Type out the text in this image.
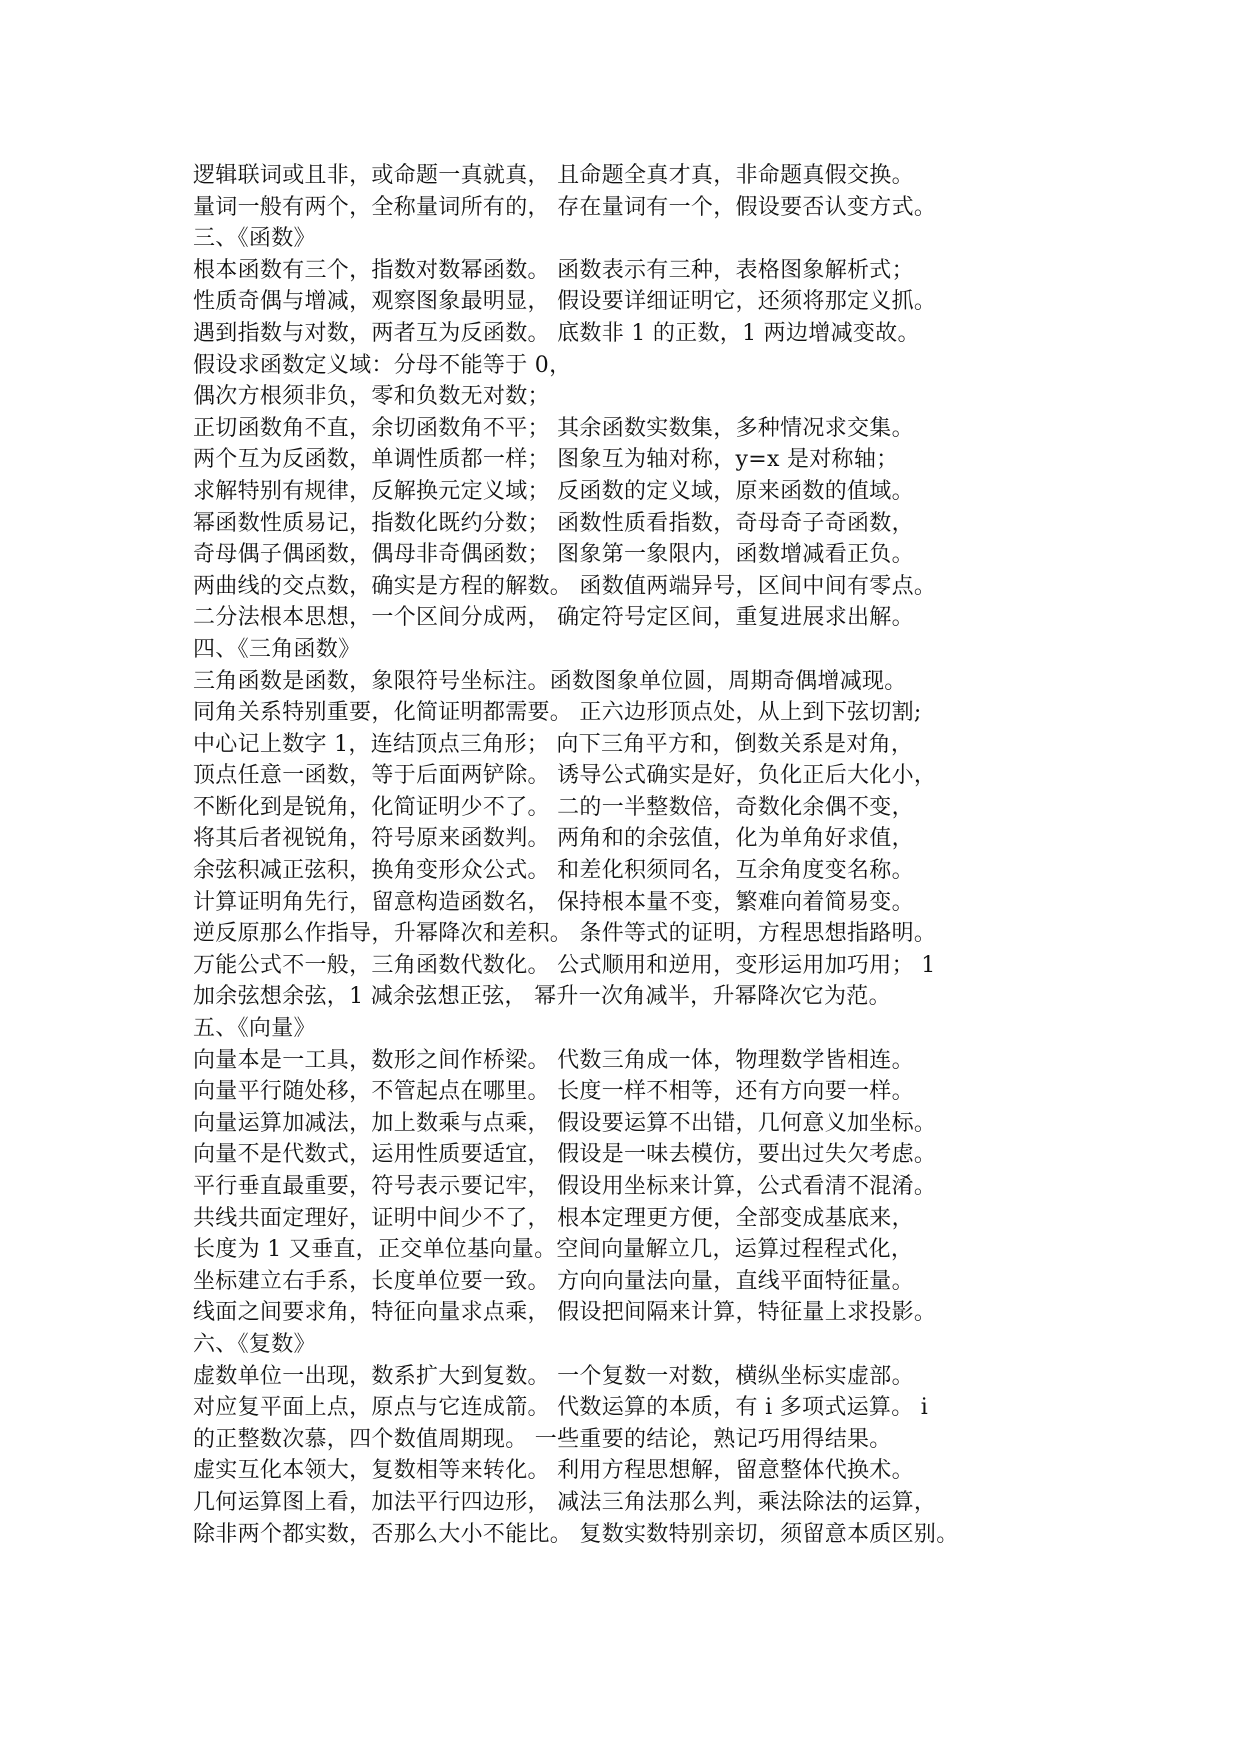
逻辑联词或且非，或命题一真就真， 且命题全真才真，非命题真假交换。
量词一般有两个，全称量词所有的， 存在量词有一个，假设要否认变方式。
三、《函数》
根本函数有三个，指数对数幂函数。 函数表示有三种，表格图象解析式；
性质奇偶与增减，观察图象最明显， 假设要详细证明它，还须将那定义抓。
遇到指数与对数，两者互为反函数。 底数非 1 的正数，1 两边增减变故。
假设求函数定义域：分母不能等于 0，
偶次方根须非负，零和负数无对数；
正切函数角不直，余切函数角不平； 其余函数实数集，多种情况求交集。
两个互为反函数，单调性质都一样； 图象互为轴对称，y=x 是对称轴；
求解特别有规律，反解换元定义域； 反函数的定义域，原来函数的值域。
幂函数性质易记，指数化既约分数； 函数性质看指数，奇母奇子奇函数，
奇母偶子偶函数，偶母非奇偶函数； 图象第一象限内，函数增减看正负。
两曲线的交点数，确实是方程的解数。 函数值两端异号，区间中间有零点。
二分法根本思想，一个区间分成两， 确定符号定区间，重复进展求出解。
四、《三角函数》
三角函数是函数，象限符号坐标注。函数图象单位圆，周期奇偶增减现。
同角关系特别重要，化简证明都需要。 正六边形顶点处，从上到下弦切割;
中心记上数字 1，连结顶点三角形； 向下三角平方和，倒数关系是对角，
顶点任意一函数，等于后面两铲除。 诱导公式确实是好，负化正后大化小，
不断化到是锐角，化简证明少不了。 二的一半整数倍，奇数化余偶不变，
将其后者视锐角，符号原来函数判。 两角和的余弦值，化为单角好求值，
余弦积减正弦积，换角变形众公式。 和差化积须同名，互余角度变名称。
计算证明角先行，留意构造函数名， 保持根本量不变，繁难向着简易变。
逆反原那么作指导，升幂降次和差积。 条件等式的证明，方程思想指路明。
万能公式不一般，三角函数代数化。 公式顺用和逆用，变形运用加巧用； 1
加余弦想余弦，1 减余弦想正弦， 幂升一次角减半，升幂降次它为范。
五、《向量》
向量本是一工具，数形之间作桥梁。 代数三角成一体，物理数学皆相连。
向量平行随处移，不管起点在哪里。 长度一样不相等，还有方向要一样。
向量运算加减法，加上数乘与点乘， 假设要运算不出错，几何意义加坐标。
向量不是代数式，运用性质要适宜， 假设是一味去模仿，要出过失欠考虑。
平行垂直最重要，符号表示要记牢， 假设用坐标来计算，公式看清不混淆。
共线共面定理好，证明中间少不了， 根本定理更方便，全部变成基底来，
长度为 1 又垂直，正交单位基向量。空间向量解立几，运算过程程式化，
坐标建立右手系，长度单位要一致。 方向向量法向量，直线平面特征量。
线面之间要求角，特征向量求点乘， 假设把间隔来计算，特征量上求投影。
六、《复数》
虚数单位一出现，数系扩大到复数。 一个复数一对数，横纵坐标实虚部。
对应复平面上点，原点与它连成箭。 代数运算的本质，有 i 多项式运算。 i
的正整数次慕，四个数值周期现。 一些重要的结论，熟记巧用得结果。
虚实互化本领大，复数相等来转化。 利用方程思想解，留意整体代换术。
几何运算图上看，加法平行四边形， 减法三角法那么判，乘法除法的运算，
除非两个都实数，否那么大小不能比。 复数实数特别亲切，须留意本质区别。
